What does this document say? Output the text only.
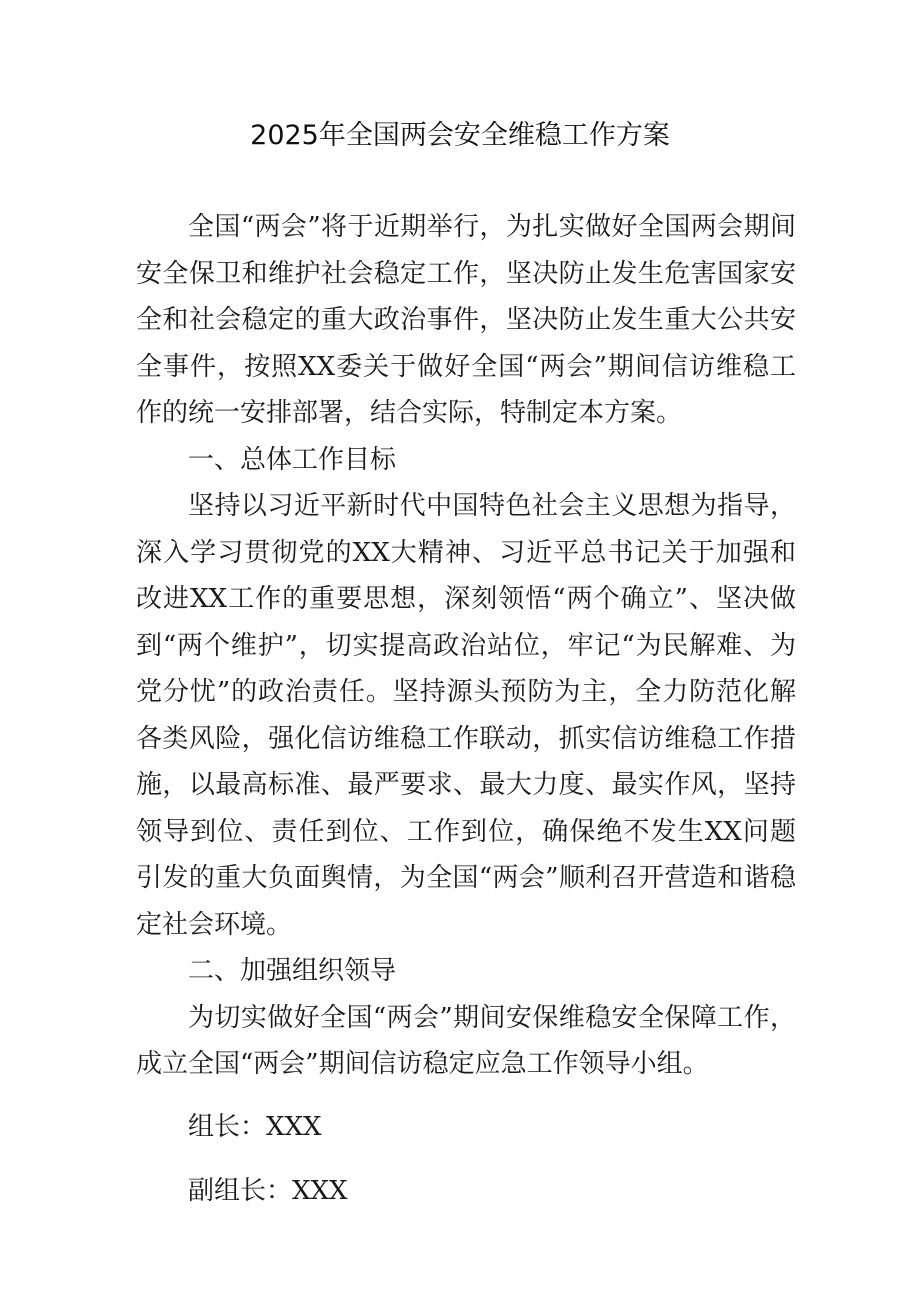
2025年全国两会安全维稳工作方案

全国“两会”将于近期举行，为扎实做好全国两会期间安全保卫和维护社会稳定工作，坚决防止发生危害国家安全和社会稳定的重大政治事件，坚决防止发生重大公共安全事件，按照XX委关于做好全国“两会”期间信访维稳工作的统一安排部署，结合实际，特制定本方案。

一、总体工作目标

坚持以习近平新时代中国特色社会主义思想为指导，深入学习贯彻党的XX大精神、习近平总书记关于加强和改进XX工作的重要思想，深刻领悟“两个确立”、坚决做到“两个维护”，切实提高政治站位，牢记“为民解难、为党分忧”的政治责任。坚持源头预防为主，全力防范化解各类风险，强化信访维稳工作联动，抓实信访维稳工作措施，以最高标准、最严要求、最大力度、最实作风，坚持领导到位、责任到位、工作到位，确保绝不发生XX问题引发的重大负面舆情，为全国“两会”顺利召开营造和谐稳定社会环境。

二、加强组织领导

为切实做好全国“两会”期间安保维稳安全保障工作，成立全国“两会”期间信访稳定应急工作领导小组。

组长：XXX

副组长：XXX
